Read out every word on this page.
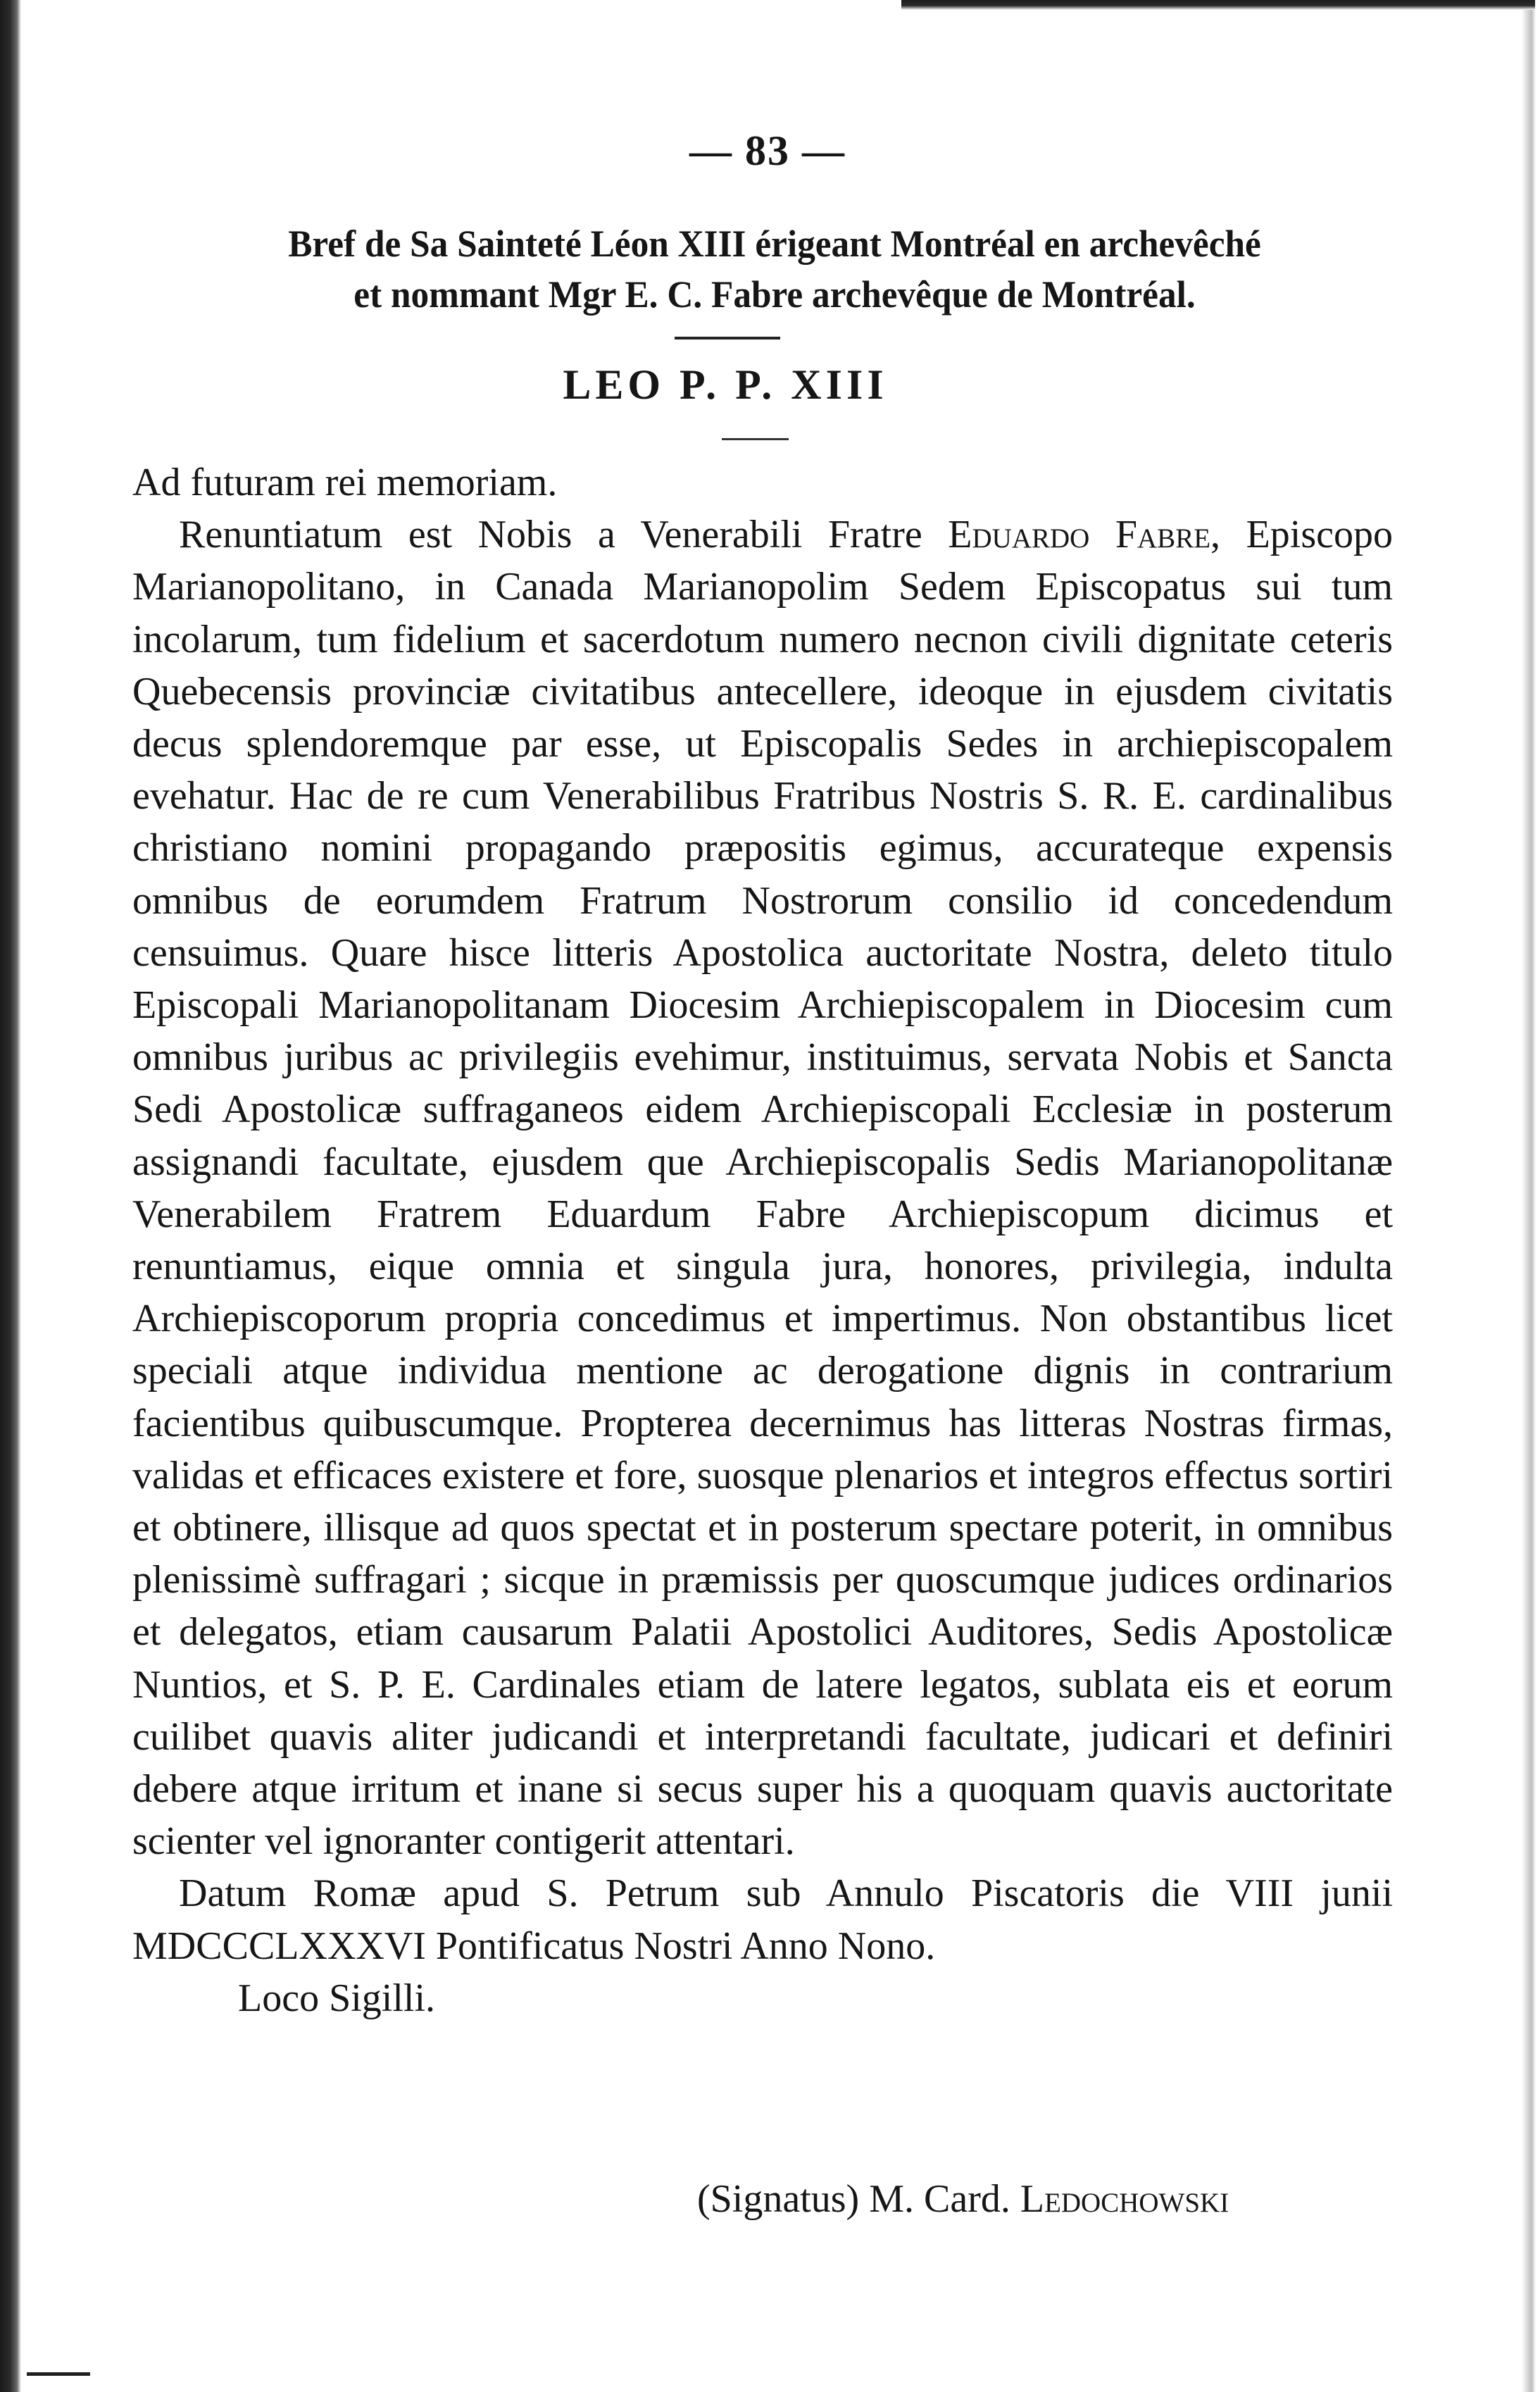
— 83 —
Bref de Sa Sainteté Léon XIII érigeant Montréal en archevêché
et nommant Mgr E. C. Fabre archevêque de Montréal.
LEO P. P. XIII

Ad futuram rei memoriam.

Renuntiatum est Nobis a Venerabili Fratre Eduardo Fabre, Episcopo Marianopolitano, in Canada Marianopolim Sedem Episcopatus sui tum incolarum, tum fidelium et sacerdotum numero necnon civili dignitate ceteris Quebecensis provinciæ civitatibus antecellere, ideoque in ejusdem civitatis decus splendoremque par esse, ut Episcopalis Sedes in archiepiscopalem evehatur. Hac de re cum Venerabilibus Fratribus Nostris S. R. E. cardinalibus christiano nomini propagando præpositis egimus, accurateque expensis omnibus de eorumdem Fratrum Nostrorum consilio id concedendum censuimus. Quare hisce litteris Apostolica auctoritate Nostra, deleto titulo Episcopali Marianopolitanam Diocesim Archiepiscopalem in Diocesim cum omnibus juribus ac privilegiis evehimur, instituimus, servata Nobis et Sancta Sedi Apostolicæ suffraganeos eidem Archiepiscopali Ecclesiæ in posterum assignandi facultate, ejusdem que Archiepiscopalis Sedis Marianopolitanæ Venerabilem Fratrem Eduardum Fabre Archiepiscopum dicimus et renuntiamus, eique omnia et singula jura, honores, privilegia, indulta Archiepiscoporum propria concedimus et impertimus. Non obstantibus licet speciali atque individua mentione ac derogatione dignis in contrarium facientibus quibuscumque. Propterea decernimus has litteras Nostras firmas, validas et efficaces existere et fore, suosque plenarios et integros effectus sortiri et obtinere, illisque ad quos spectat et in posterum spectare poterit, in omnibus plenissimè suffragari ; sicque in præmissis per quoscumque judices ordinarios et delegatos, etiam causarum Palatii Apostolici Auditores, Sedis Apostolicæ Nuntios, et S. P. E. Cardinales etiam de latere legatos, sublata eis et eorum cuilibet quavis aliter judicandi et interpretandi facultate, judicari et definiri debere atque irritum et inane si secus super his a quoquam quavis auctoritate scienter vel ignoranter contigerit attentari.

Datum Romæ apud S. Petrum sub Annulo Piscatoris die VIII junii MDCCCLXXXVI Pontificatus Nostri Anno Nono.

Loco Sigilli.

(Signatus) M. Card. Ledochowski
